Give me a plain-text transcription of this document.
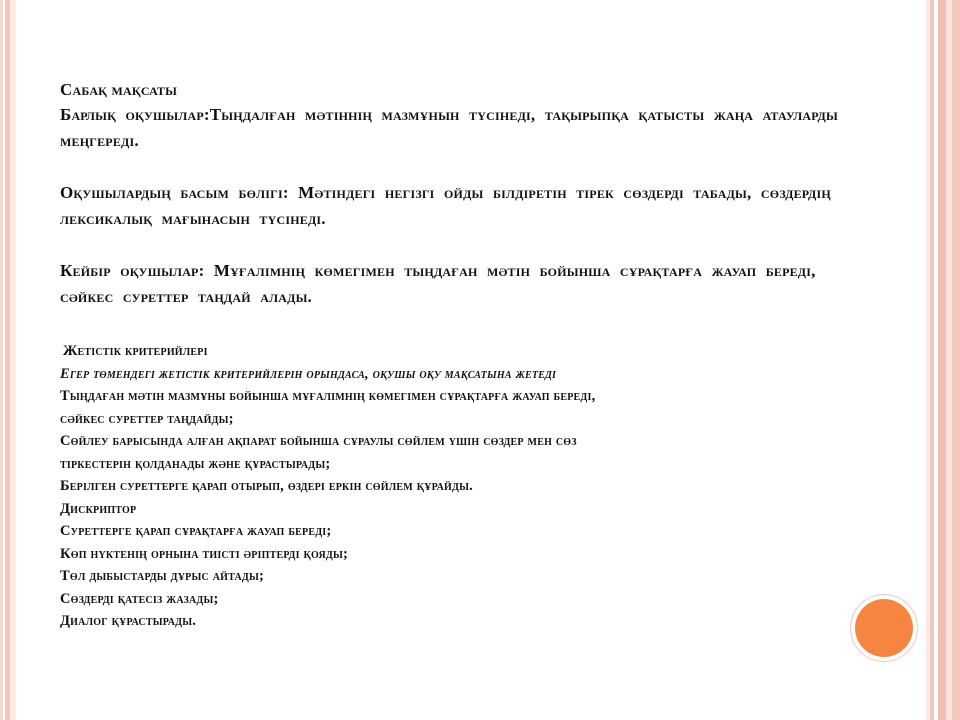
Сабақ мақсаты
Барлық оқушылар:Тыңдалған мәтіннің мазмұнын түсінеді, тақырыпқа қатысты жаңа атауларды меңгереді.
Оқушылардың басым бөлігі: Мәтіндегі негізгі ойды білдіретін тірек сөздерді табады, сөздердің лексикалық мағынасын түсінеді.
Кейбір оқушылар: Мұғалімнің көмегімен тыңдаған мәтін бойынша сұрақтарға жауап береді, сәйкес суреттер таңдай алады.
Жетістік критерийлері
Егер төмендегі жетістік критерийлерін орындаса, оқушы оқу мақсатына жетеді
Тыңдаған мәтін мазмұны бойынша мұғалімнің көмегімен сұрақтарға жауап береді,
сәйкес суреттер таңдайды;
Сөйлеу барысында алған ақпарат бойынша сұраулы сөйлем үшін сөздер мен сөз
тіркестерін қолданады және құрастырады;
Берілген суреттерге қарап отырып, өздері еркін сөйлем құрайды.
Дискриптор
Суреттерге қарап сұрақтарға жауап береді;
Көп нүктенің орнына тиісті әріптерді қояды;
Төл дыбыстарды дұрыс айтады;
Сөздерді қатесіз жазады;
Диалог құрастырады.
